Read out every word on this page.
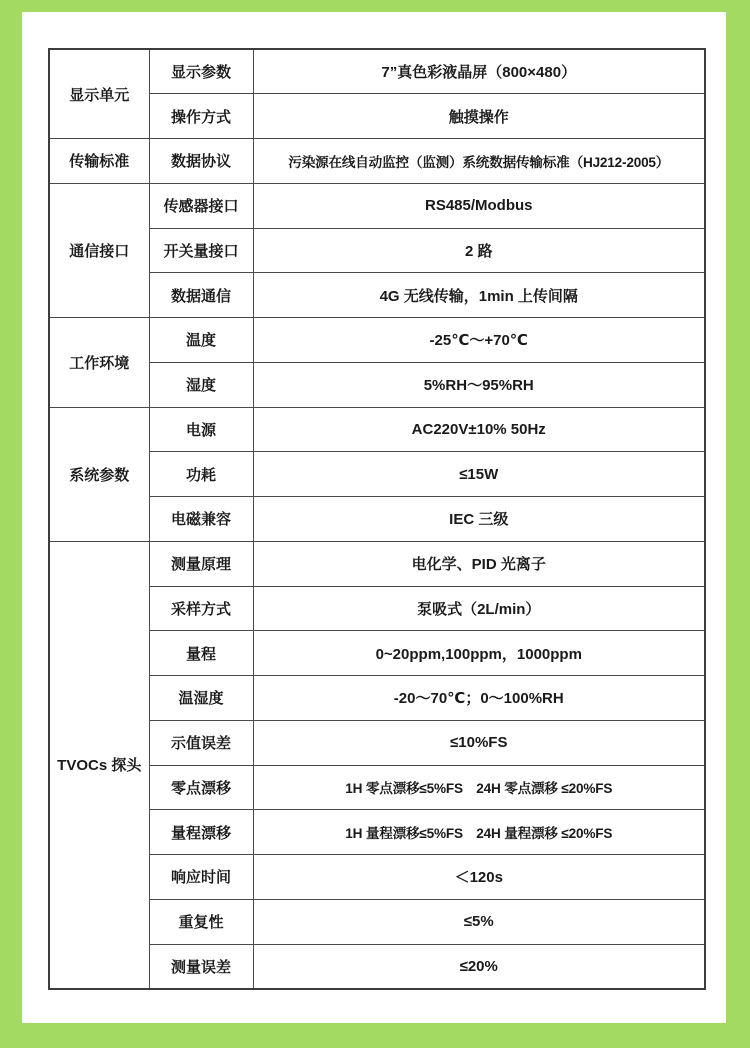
显示单元	显示参数	7”真色彩液晶屏（800×480）
	操作方式	触摸操作
传输标准	数据协议	污染源在线自动监控（监测）系统数据传输标准（HJ212-2005）
通信接口	传感器接口	RS485/Modbus
	开关量接口	2 路
	数据通信	4G 无线传输，1min 上传间隔
工作环境	温度	-25℃～+70℃
	湿度	5%RH～95%RH
系统参数	电源	AC220V±10% 50Hz
	功耗	≤15W
	电磁兼容	IEC 三级
TVOCs 探头	测量原理	电化学、PID 光离子
	采样方式	泵吸式（2L/min）
	量程	0~20ppm,100ppm，1000ppm
	温湿度	-20～70℃；0～100%RH
	示值误差	≤10%FS
	零点漂移	1H 零点漂移≤5%FS　24H 零点漂移 ≤20%FS
	量程漂移	1H 量程漂移≤5%FS　24H 量程漂移 ≤20%FS
	响应时间	＜120s
	重复性	≤5%
	测量误差	≤20%
